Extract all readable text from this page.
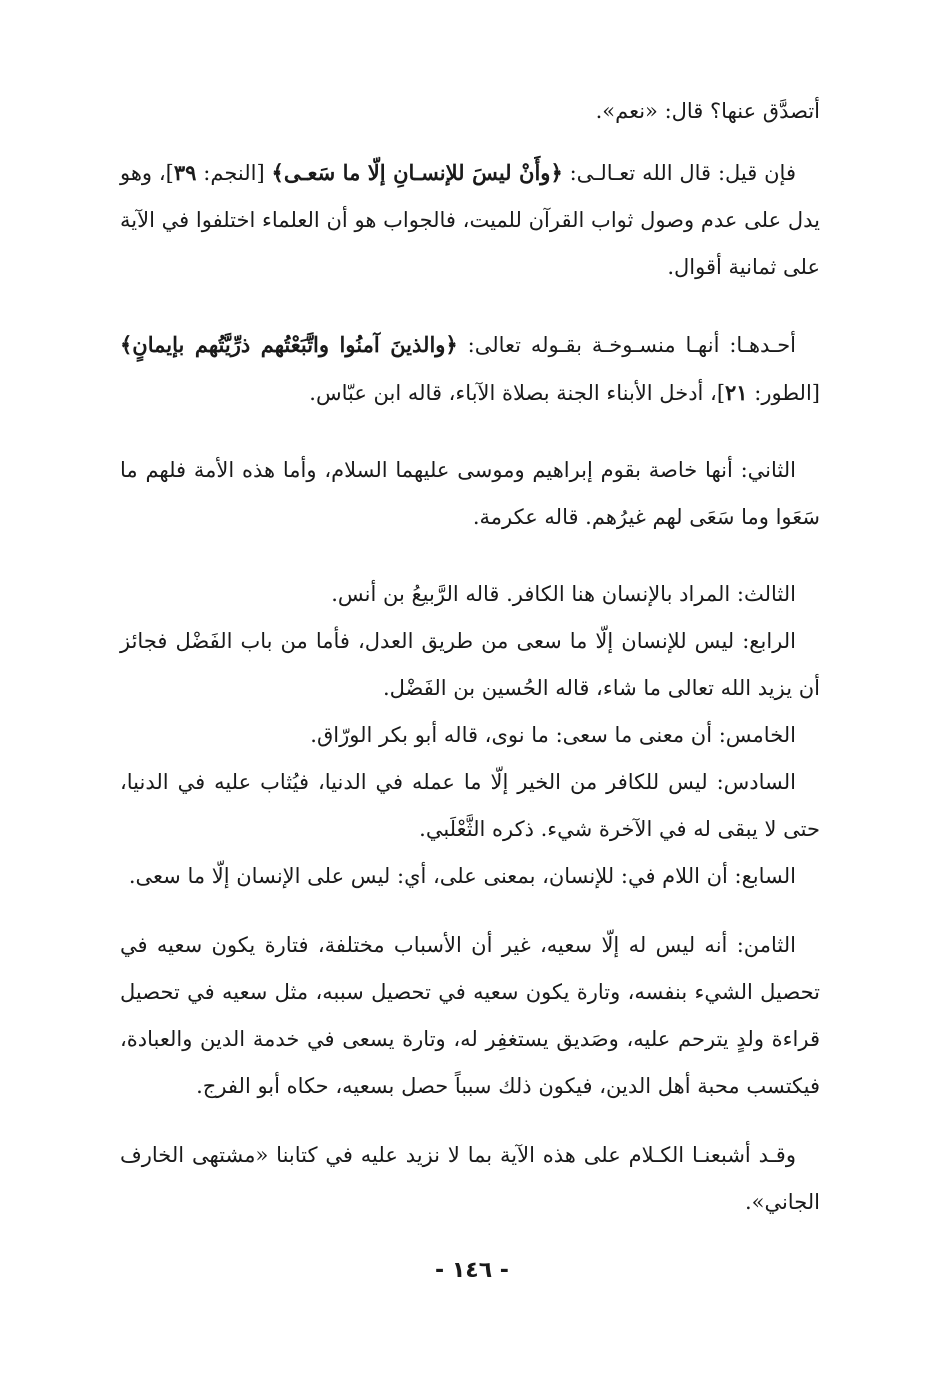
أتصدَّق عنها؟ قال: «نعم».

فإن قيل: قال الله تعـالـى: ﴿وأَنْ ليسَ للإنسـانِ إلّا ما سَعـى﴾ [النجم: ٣٩]، وهو يدل على عدم وصول ثواب القرآن للميت، فالجواب هو أن العلماء اختلفوا في الآية على ثمانية أقوال.

أحـدهـا: أنهـا منسـوخـة بقـوله تعالى: ﴿والذينَ آمنُوا واتَّبَعْتُهم ذرِّيَّتُهم بإيمانٍ﴾ [الطور: ٢١]، أدخل الأبناء الجنة بصلاة الآباء، قاله ابن عبّاس.

الثاني: أنها خاصة بقوم إبراهيم وموسى عليهما السلام، وأما هذه الأمة فلهم ما سَعَوا وما سَعَى لهم غيرُهم. قاله عكرمة.

الثالث: المراد بالإنسان هنا الكافر. قاله الرَّبيعُ بن أنس.

الرابع: ليس للإنسان إلّا ما سعى من طريق العدل، فأما من باب الفَضْل فجائز أن يزيد الله تعالى ما شاء، قاله الحُسين بن الفَضْل.

الخامس: أن معنى ما سعى: ما نوى، قاله أبو بكر الورّاق.

السادس: ليس للكافر من الخير إلّا ما عمله في الدنيا، فيُثاب عليه في الدنيا، حتى لا يبقى له في الآخرة شيء. ذكره الثَّعْلَبي.

السابع: أن اللام في: للإنسان، بمعنى على، أي: ليس على الإنسان إلّا ما سعى.

الثامن: أنه ليس له إلّا سعيه، غير أن الأسباب مختلفة، فتارة يكون سعيه في تحصيل الشيء بنفسه، وتارة يكون سعيه في تحصيل سببه، مثل سعيه في تحصيل قراءة ولدٍ يترحم عليه، وصَديق يستغفِر له، وتارة يسعى في خدمة الدين والعبادة، فيكتسب محبة أهل الدين، فيكون ذلك سبباً حصل بسعيه، حكاه أبو الفرج.

وقـد أشبعنـا الكـلام على هذه الآية بما لا نزيد عليه في كتابنا «مشتهى الخارف الجاني».

- ١٤٦ -
